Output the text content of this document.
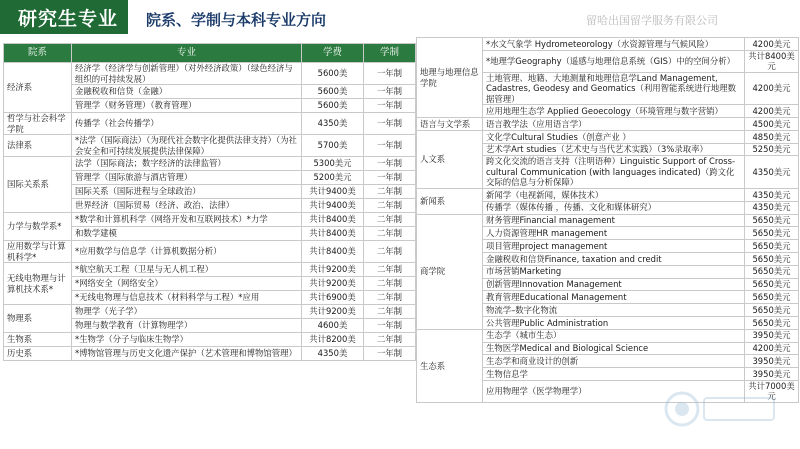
研究生专业 院系、学制与本科专业方向	留哈出国留学服务有限公司
院系	专业	学费	学制
经济系	经济学（经济学与创新管理）（对外经济政策）（绿色经济与组织的可持续发展）	5600美	一年制
	金融税收和信贷（金融）	5600美	一年制
	管理学（财务管理）（教育管理）	5600美	一年制
哲学与社会科学学院	传播学（社会传播学）	4350美	一年制
法律系	*法学（国际商法）（为现代社会数字化提供法律支持）（为社会安全和可持续发展提供法律保障）	5700美	一年制
国际关系系	法学（国际商法；数字经济的法律监管）	5300美元	一年制
	管理学（国际旅游与酒店管理）	5200美元	一年制
	国际关系（国际进程与全球政治）	共计9400美	二年制
	世界经济（国际贸易（经济、政治、法律）	共计9400美	二年制
力学与数学系*	*数学和计算机科学（网络开发和互联网技术）*力学	共计8400美	二年制
	和数学建模	共计8400美	二年制
应用数学与计算机科学*	*应用数学与信息学（计算机数据分析）	共计8400美	二年制
无线电物理与计算机技术系*	*航空航天工程（卫星与无人机工程）	共计9200美	二年制
	*网络安全（网络安全）	共计9200美	二年制
	*无线电物理与信息技术（材料科学与工程）*应用	共计6900美	二年制
物理系	物理学（光子学）	共计9200美	二年制
	物理与数学教育（计算物理学）	4600美	一年制
生物系	*生物学（分子与临床生物学）	共计8200美	二年制
历史系	*博物馆管理与历史文化遗产保护（艺术管理和博物馆管理）	4350美	一年制
地理与地理信息学院	*水文气象学 Hydrometeorology（水资源管理与气候风险）	4200美元
	*地理学Geography（遥感与地理信息系统（GIS）中的空间分析）	共计8400美元
	土地管理、地籍、大地测量和地理信息学Land Management, Cadastres, Geodesy and Geomatics（利用智能系统进行地理数据管理）	4200美元
	应用地理生态学 Applied Geoecology（环境管理与数字营销）	4200美元
语言与文学系	语言教学法（应用语言学）	4500美元
人文系	文化学Cultural Studies（创意产业 ）	4850美元
	艺术学Art studies（艺术史与当代艺术实践）（3%录取率）	5250美元
	跨文化交流的语言支持（注明语种）Linguistic Support of Cross-cultural Communication (with languages indicated)（跨文化交际的信息与分析保障）	4350美元
新闻系	新闻学（电视新闻，媒体技术）	4350美元
	传播学（媒体传播 ，传播、文化和媒体研究）	4350美元
商学院	财务管理Financial management	5650美元
	人力资源管理HR management	5650美元
	项目管理project management	5650美元
	金融税收和信贷Finance, taxation and credit	5650美元
	市场营销Marketing	5650美元
	创新管理Innovation Management	5650美元
	教育管理Educational Management	5650美元
	物流学–数字化物流	5650美元
	公共管理Public Administration	5650美元
生态系	生态学（城市生态）	3950美元
	生物医学Medical and Biological Science	4200美元
	生态学和商业设计的创新	3950美元
	生物信息学	3950美元
	应用物理学（医学物理学）	共计7000美元
